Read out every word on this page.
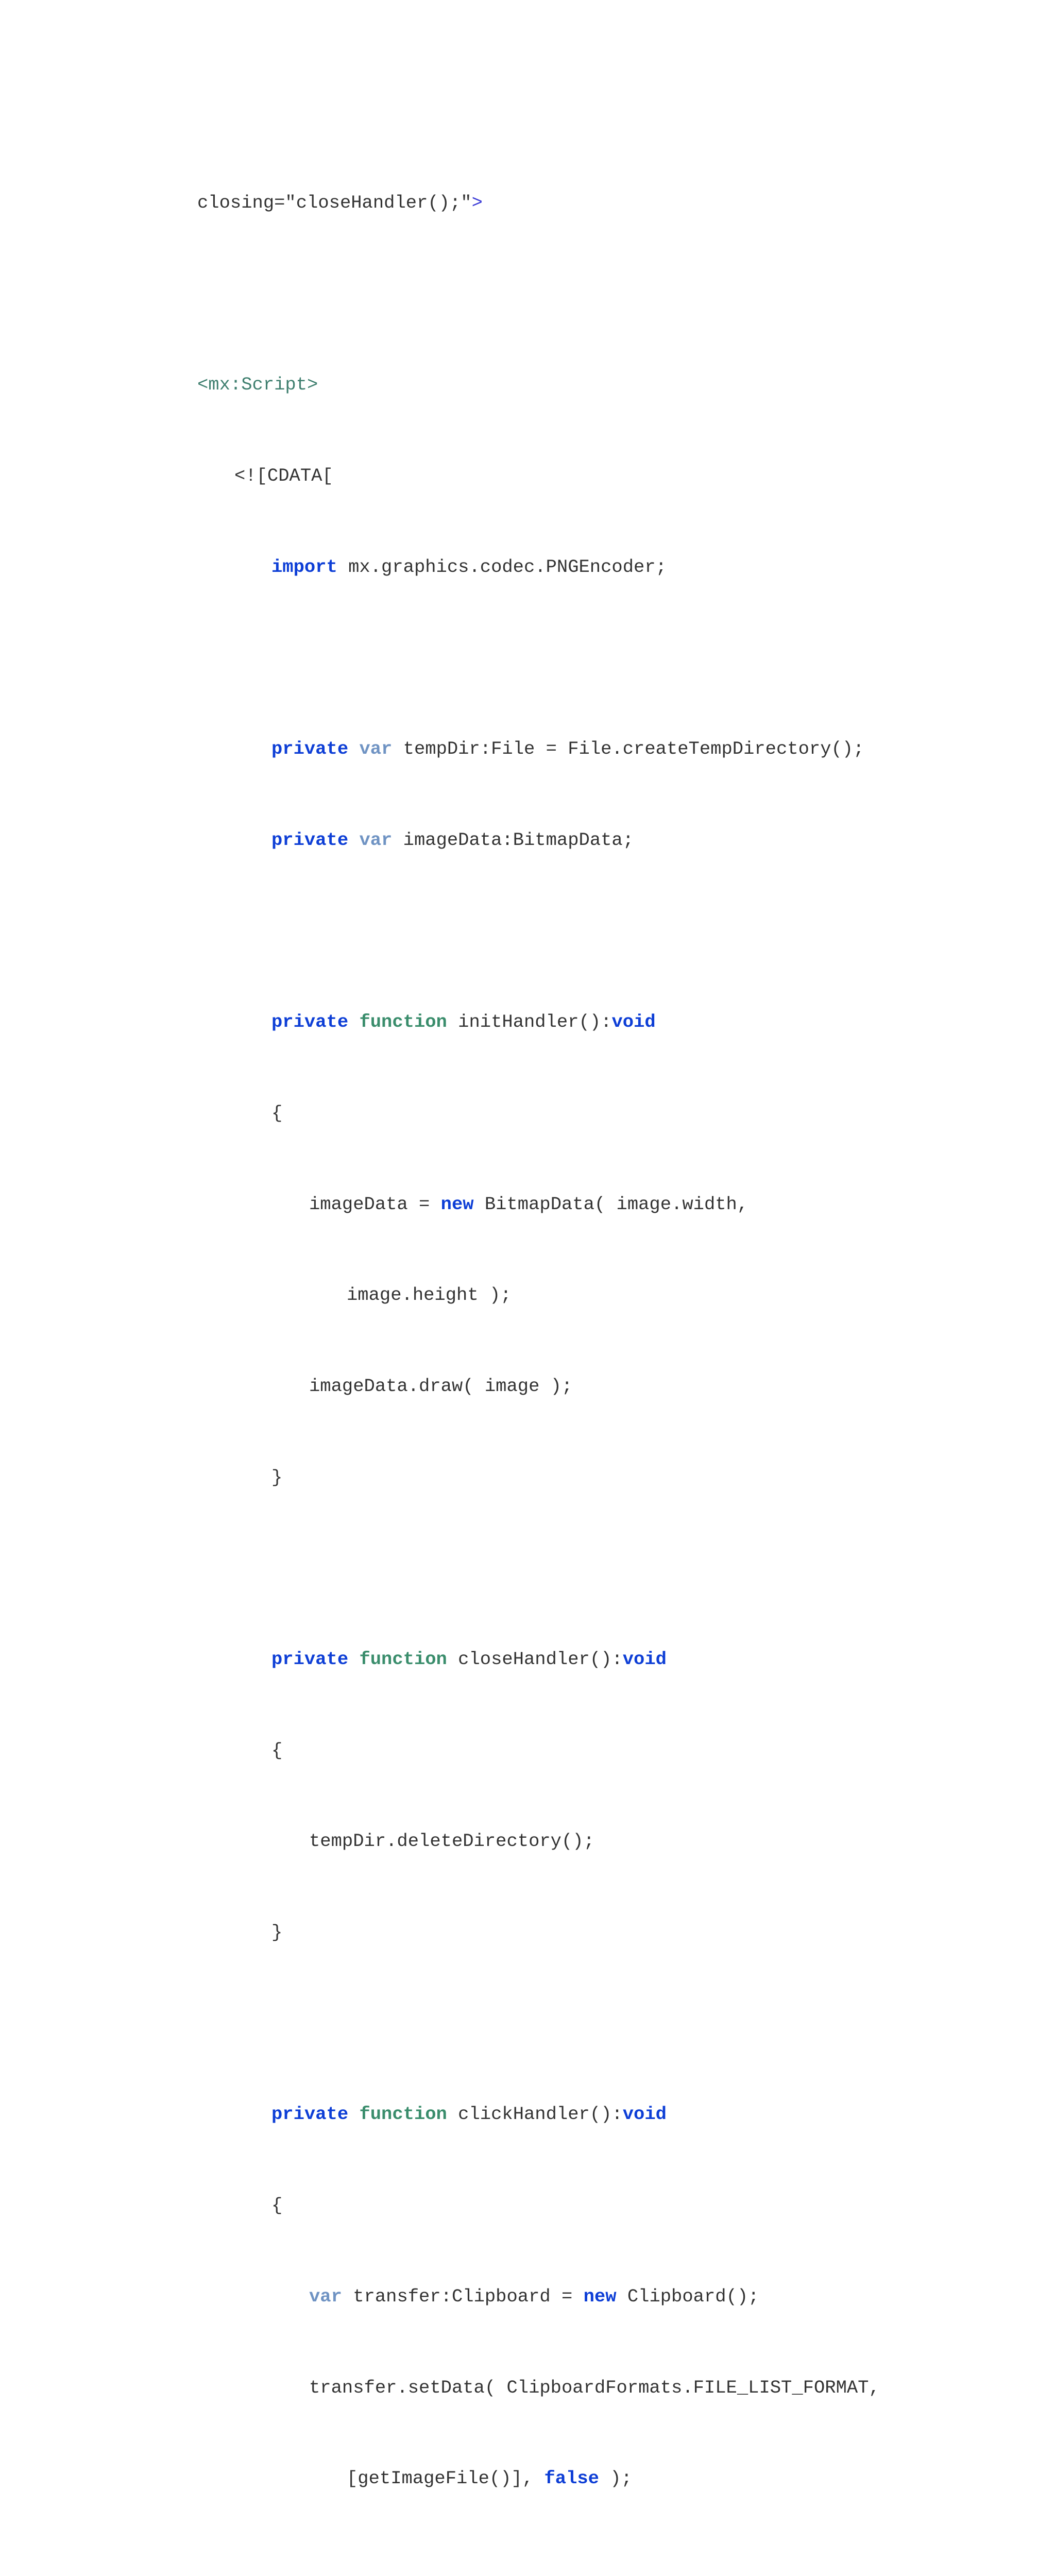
closing="closeHandler();">

<mx:Script>

<![CDATA[

import mx.graphics.codec.PNGEncoder;

private var tempDir:File = File.createTempDirectory();

private var imageData:BitmapData;

private function initHandler():void

{

imageData = new BitmapData( image.width,

image.height );

imageData.draw( image );

}

private function closeHandler():void

{

tempDir.deleteDirectory();

}

private function clickHandler():void

{

var transfer:Clipboard = new Clipboard();

transfer.setData( ClipboardFormats.FILE_LIST_FORMAT,

[getImageFile()], false );
